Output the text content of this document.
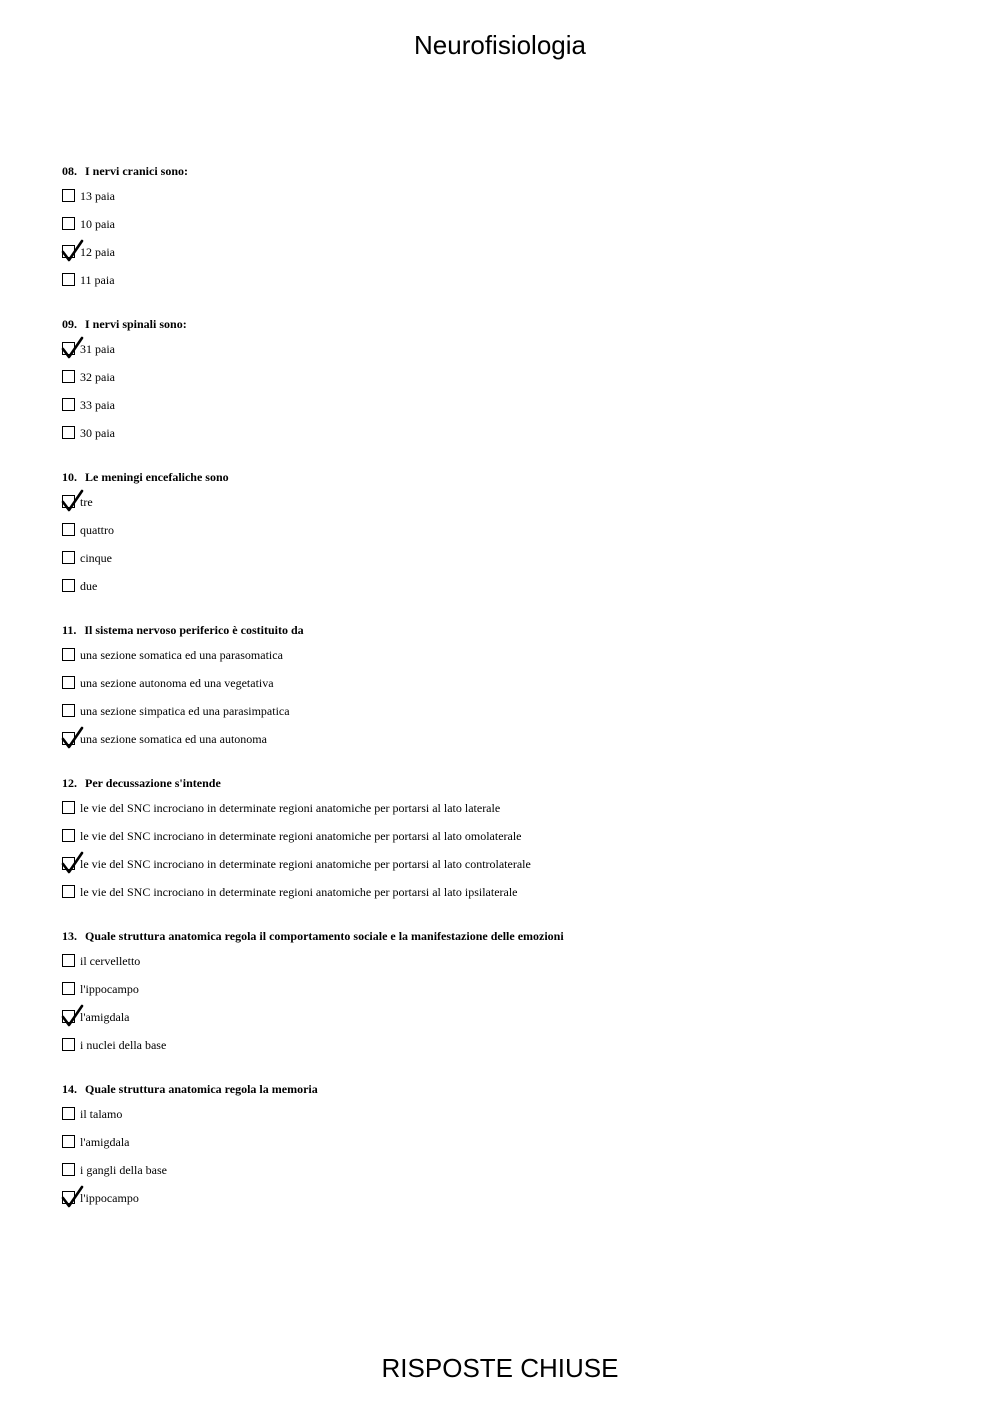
Neurofisiologia
08. I nervi cranici sono:
13 paia
10 paia
12 paia
11 paia
09. I nervi spinali sono:
31 paia
32 paia
33 paia
30 paia
10. Le meningi encefaliche sono
tre
quattro
cinque
due
11. Il sistema nervoso periferico è costituito da
una sezione somatica ed una parasomatica
una sezione autonoma ed una vegetativa
una sezione simpatica ed una parasimpatica
una sezione somatica ed una autonoma
12. Per decussazione s'intende
le vie del SNC incrociano in determinate regioni anatomiche per portarsi al lato laterale
le vie del SNC incrociano in determinate regioni anatomiche per portarsi al lato omolaterale
le vie del SNC incrociano in determinate regioni anatomiche per portarsi al lato controlaterale
le vie del SNC incrociano in determinate regioni anatomiche per portarsi al lato ipsilaterale
13. Quale struttura anatomica regola il comportamento sociale e la manifestazione delle emozioni
il cervelletto
l'ippocampo
l'amigdala
i nuclei della base
14. Quale struttura anatomica regola la memoria
il talamo
l'amigdala
i gangli della base
l'ippocampo
RISPOSTE CHIUSE
